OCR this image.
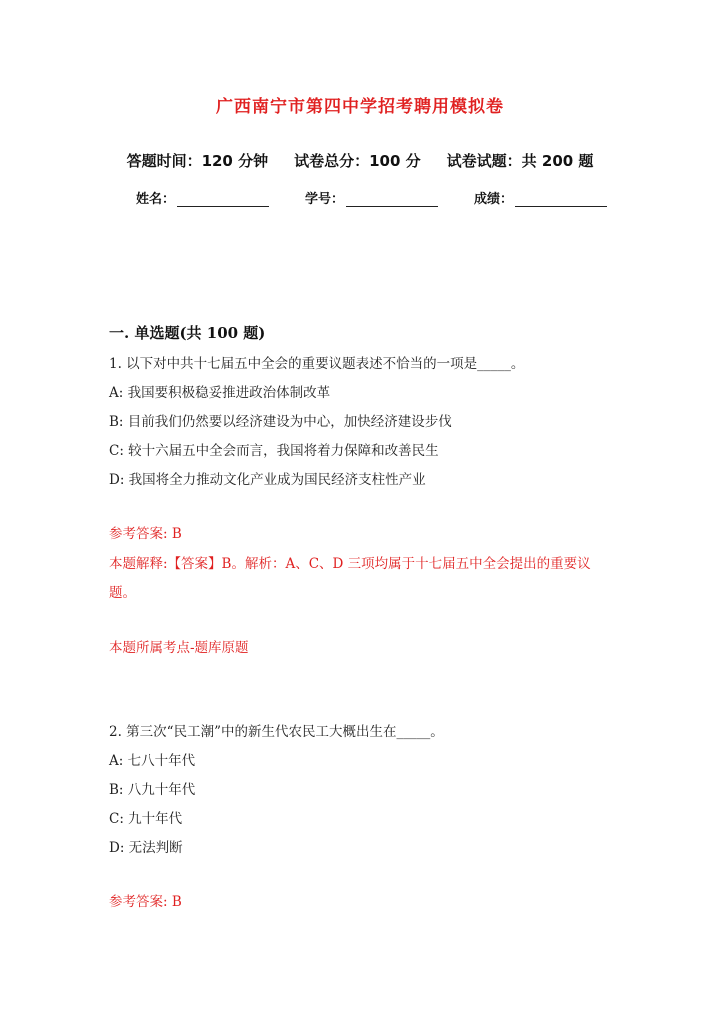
广西南宁市第四中学招考聘用模拟卷
答题时间：120 分钟 试卷总分：100 分 试卷试题：共 200 题
姓名：	学号：	成绩：
一. 单选题(共 100 题)
1. 以下对中共十七届五中全会的重要议题表述不恰当的一项是_____。
A: 我国要积极稳妥推进政治体制改革
B: 目前我们仍然要以经济建设为中心，加快经济建设步伐
C: 较十六届五中全会而言，我国将着力保障和改善民生
D: 我国将全力推动文化产业成为国民经济支柱性产业
参考答案: B
本题解释:【答案】B。解析：A、C、D 三项均属于十七届五中全会提出的重要议题。
本题所属考点-题库原题
2. 第三次“民工潮”中的新生代农民工大概出生在_____。
A: 七八十年代
B: 八九十年代
C: 九十年代
D: 无法判断
参考答案: B
